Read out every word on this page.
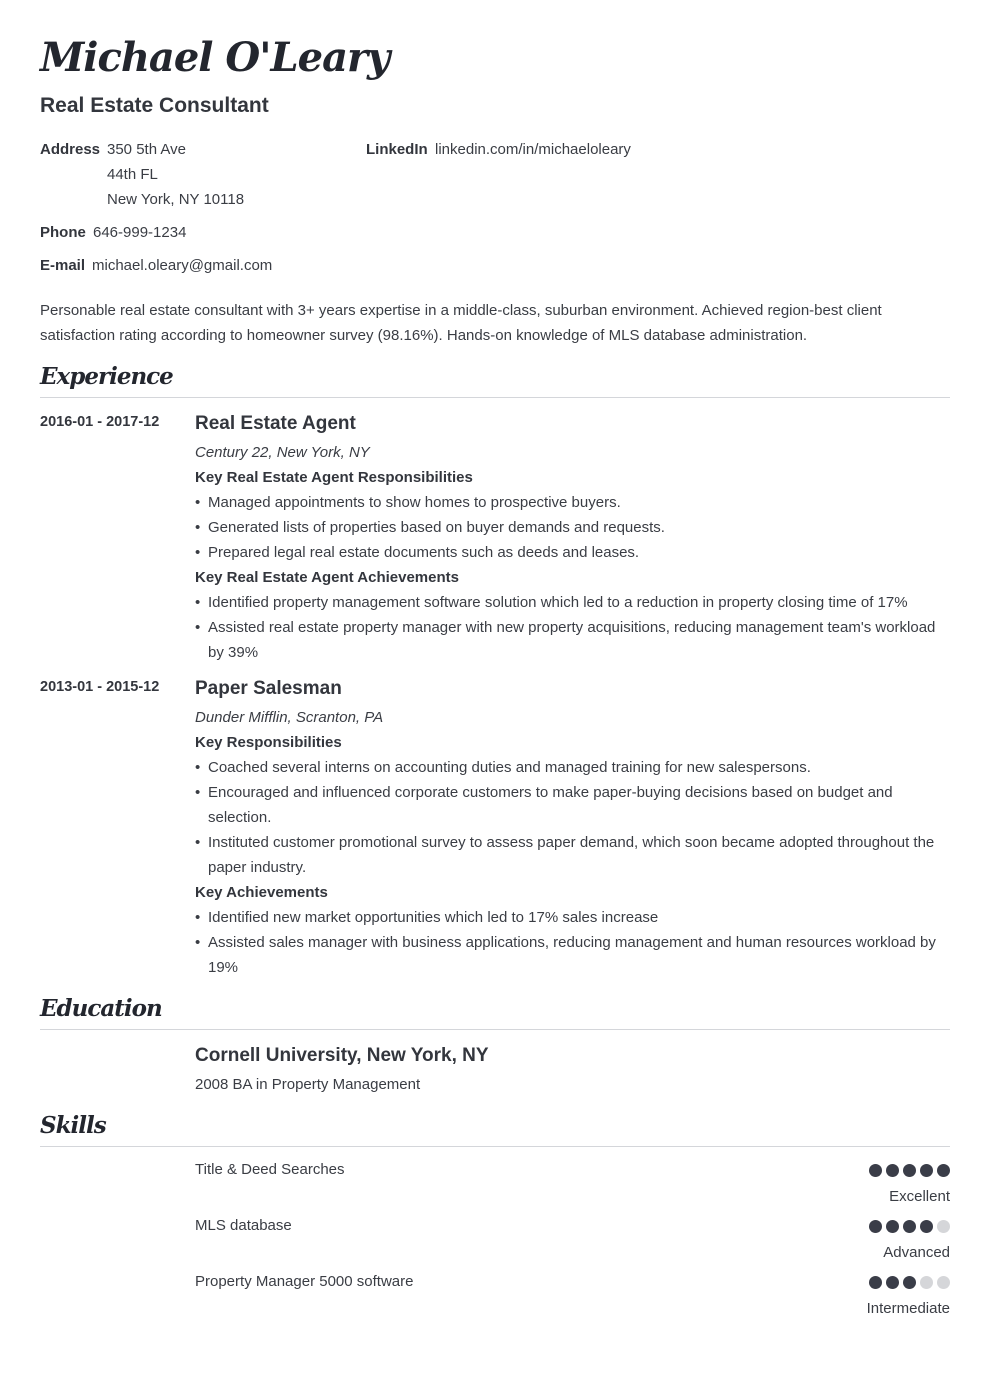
Michael O'Leary
Real Estate Consultant
Address 350 5th Ave
44th FL
New York, NY 10118
LinkedIn linkedin.com/in/michaeloleary
Phone 646-999-1234
E-mail michael.oleary@gmail.com

Personable real estate consultant with 3+ years expertise in a middle-class, suburban environment. Achieved region-best client satisfaction rating according to homeowner survey (98.16%). Hands-on knowledge of MLS database administration.

Experience
2016-01 - 2017-12 Real Estate Agent
Century 22, New York, NY
Key Real Estate Agent Responsibilities
• Managed appointments to show homes to prospective buyers.
• Generated lists of properties based on buyer demands and requests.
• Prepared legal real estate documents such as deeds and leases.
Key Real Estate Agent Achievements
• Identified property management software solution which led to a reduction in property closing time of 17%
• Assisted real estate property manager with new property acquisitions, reducing management team's workload by 39%
2013-01 - 2015-12 Paper Salesman
Dunder Mifflin, Scranton, PA
Key Responsibilities
• Coached several interns on accounting duties and managed training for new salespersons.
• Encouraged and influenced corporate customers to make paper-buying decisions based on budget and selection.
• Instituted customer promotional survey to assess paper demand, which soon became adopted throughout the paper industry.
Key Achievements
• Identified new market opportunities which led to 17% sales increase
• Assisted sales manager with business applications, reducing management and human resources workload by 19%
Education
Cornell University, New York, NY
2008 BA in Property Management
Skills
Title & Deed Searches
Excellent
MLS database
Advanced
Property Manager 5000 software
Intermediate
